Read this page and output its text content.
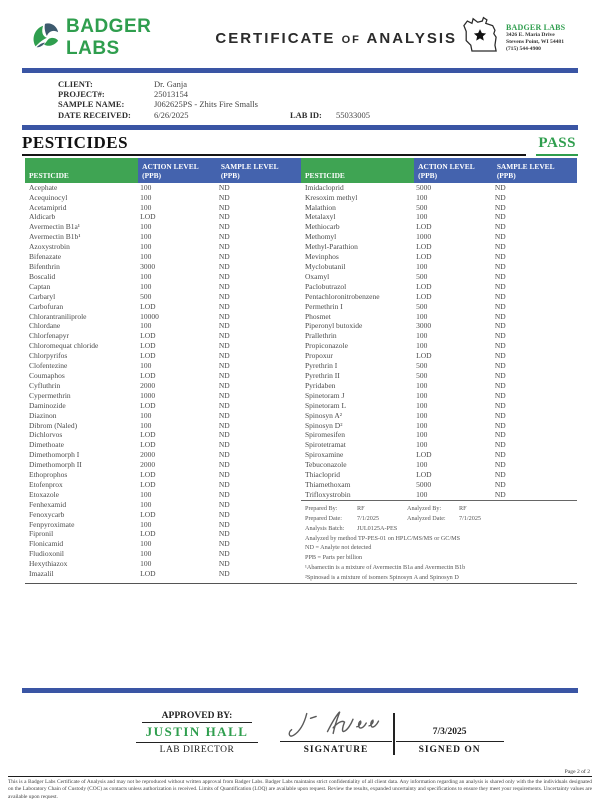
BADGER LABS	CERTIFICATE OF ANALYSIS
BADGER LABS
3426 E. Maria Drive
Stevens Point, WI 54481
(715) 544-4900
CLIENT:	Dr. Ganja
PROJECT#:	25013154
SAMPLE NAME:	J062625PS - Zhits Fire Smalls
DATE RECEIVED:	6/26/2025	LAB ID:	55033005
PESTICIDES	PASS
PESTICIDE	
ACTION LEVEL
(PPB)

SAMPLE LEVEL
(PPB)

Acephate	100	ND
Acequinocyl	100	ND
Acetamiprid	100	ND
Aldicarb	LOD	ND
Avermectin B1a¹	100	ND
Avermectin B1b¹	100	ND
Azoxystrobin	100	ND
Bifenazate	100	ND
Bifenthrin	3000	ND
Boscalid	100	ND
Captan	100	ND
Carbaryl	500	ND
Carbofuran	LOD	ND
Chlorantraniliprole	10000	ND
Chlordane	100	ND
Chlorfenapyr	LOD	ND
Chloromequat chloride	LOD	ND
Chlorpyrifos	LOD	ND
Clofentezine	100	ND
Coumaphos	LOD	ND
Cyfluthrin	2000	ND
Cypermethrin	1000	ND
Daminozide	LOD	ND
Diazinon	100	ND
Dibrom (Naled)	100	ND
Dichlorvos	LOD	ND
Dimethoate	LOD	ND
Dimethomorph I	2000	ND
Dimethomorph II	2000	ND
Ethoprophos	LOD	ND
Etofenprox	LOD	ND
Etoxazole	100	ND
Fenhexamid	100	ND
Fenoxycarb	LOD	ND
Fenpyroximate	100	ND
Fipronil	LOD	ND
Flonicamid	100	ND
Fludioxonil	100	ND
Hexythiazox	100	ND
Imazalil	LOD	ND
PESTICIDE	
ACTION LEVEL
(PPB)

SAMPLE LEVEL
(PPB)

Imidacloprid	5000	ND
Kresoxim methyl	100	ND
Malathion	500	ND
Metalaxyl	100	ND
Methiocarb	LOD	ND
Methomyl	1000	ND
Methyl-Parathion	LOD	ND
Mevinphos	LOD	ND
Myclobutanil	100	ND
Oxamyl	500	ND
Paclobutrazol	LOD	ND
Pentachloronitrobenzene	LOD	ND
Permethrin I	500	ND
Phosmet	100	ND
Piperonyl butoxide	3000	ND
Prallethrin	100	ND
Propiconazole	100	ND
Propoxur	LOD	ND
Pyrethrin I	500	ND
Pyrethrin II	500	ND
Pyridaben	100	ND
Spinetoram J	100	ND
Spinetoram L	100	ND
Spinosyn A²	100	ND
Spinosyn D²	100	ND
Spiromesifen	100	ND
Spirotetramat	100	ND
Spiroxamine	LOD	ND
Tebuconazole	100	ND
Thiacloprid	LOD	ND
Thiamethoxam	5000	ND
Trifloxystrobin	100	ND
Prepared By:	RF	Analyzed By:	RF
Prepared Date:	7/1/2025	Analyzed Date:	7/1/2025
Analysis Batch:	JUL0125A-PES
Analyzed by method TP-PES-01 on HPLC/MS/MS or GC/MS
ND = Analyte not detected
PPB = Parts per billion
¹Abamectin is a mixture of Avermectin B1a and Avermectin B1b
²Spinosad is a mixture of isomers Spinosyn A and Spinosyn D
APPROVED BY:
JUSTIN HALL
LAB DIRECTOR	SIGNATURE
7/3/2025
SIGNED ON
Page 2 of 2
This is a Badger Labs Certificate of Analysis and may not be reproduced without written approval from Badger Labs. Badger Labs maintains strict confidentiality of all client data. Any information regarding an analysis is shared only with the the individuals designated on the Laboratory Chain of Custody (COC) as contacts unless authorization is received. Limits of Quantification (LOQ) are available upon request. Review the results, expanded uncertainty and specifications to ensure they meet your requirements. Uncertainty values are available upon request.
